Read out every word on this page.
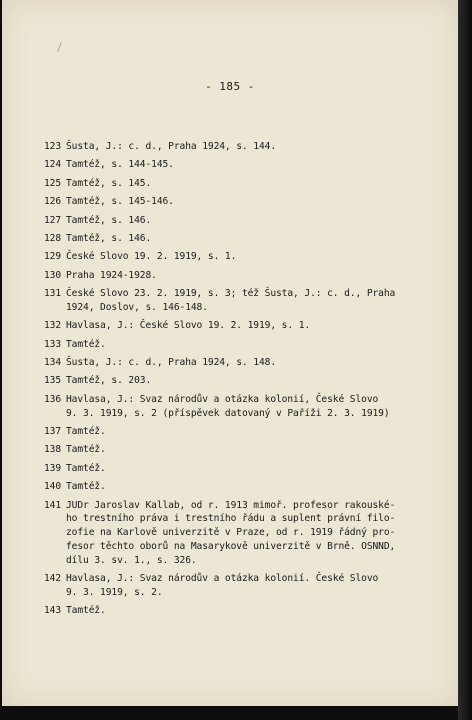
- 185 -
123 Šusta, J.: c. d., Praha 1924, s. 144.
124 Tamtéž, s. 144-145.
125 Tamtéž, s. 145.
126 Tamtéž, s. 145-146.
127 Tamtéž, s. 146.
128 Tamtéž, s. 146.
129 České Slovo 19. 2. 1919, s. 1.
130 Praha 1924-1928.
131 České Slovo 23. 2. 1919, s. 3; též Šusta, J.: c. d., Praha
1924, Doslov, s. 146-148.
132 Havlasa, J.: České Slovo 19. 2. 1919, s. 1.
133 Tamtéž.
134 Šusta, J.: c. d., Praha 1924, s. 148.
135 Tamtéž, s. 203.
136 Havlasa, J.: Svaz národův a otázka kolonií, České Slovo
9. 3. 1919, s. 2 (příspěvek datovaný v Paříži 2. 3. 1919)
137 Tamtéž.
138 Tamtéž.
139 Tamtéž.
140 Tamtéž.
141 JUDr Jaroslav Kallab, od r. 1913 mimoř. profesor rakouské-
ho trestního práva i trestního řádu a suplent právní filo-
zofie na Karlově univerzitě v Praze, od r. 1919 řádný pro-
fesor těchto oborů na Masarykově univerzitě v Brně. OSNND,
dílu 3. sv. 1., s. 326.
142 Havlasa, J.: Svaz národův a otázka kolonií. České Slovo
9. 3. 1919, s. 2.
143 Tamtéž.
